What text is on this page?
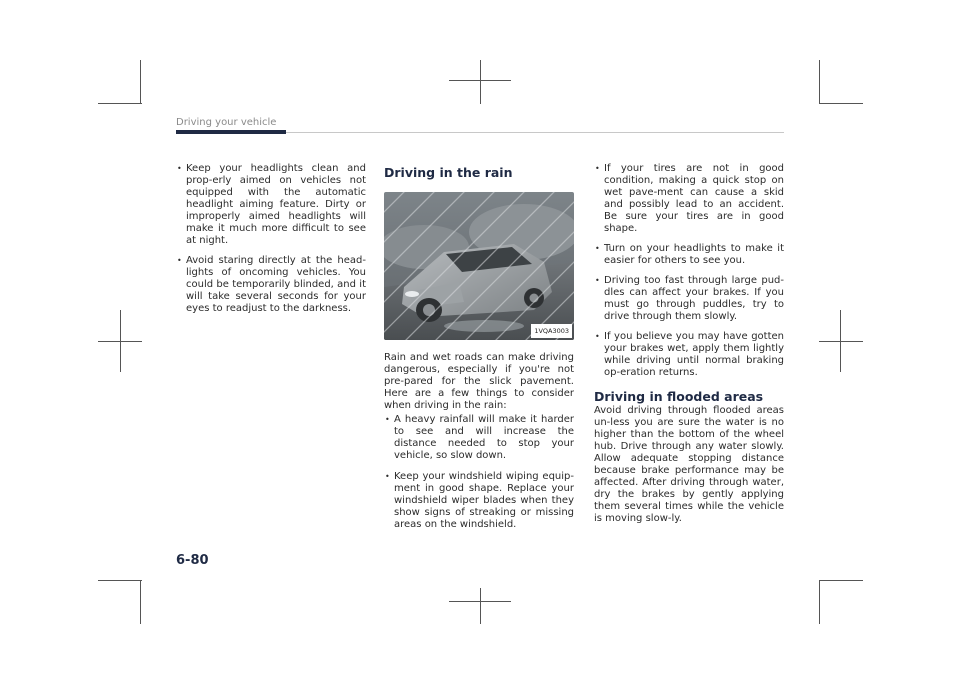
Driving your vehicle
• Keep your headlights clean and prop-erly aimed on vehicles not equipped with the automatic headlight aiming feature. Dirty or improperly aimed headlights will make it much more difficult to see at night.
• Avoid staring directly at the head-lights of oncoming vehicles. You could be temporarily blinded, and it will take several seconds for your eyes to readjust to the darkness.
Driving in the rain
1VQA3003

Rain and wet roads can make driving dangerous, especially if you're not pre-pared for the slick pavement. Here are a few things to consider when driving in the rain:

• A heavy rainfall will make it harder to see and will increase the distance needed to stop your vehicle, so slow down.
• Keep your windshield wiping equip-ment in good shape. Replace your windshield wiper blades when they show signs of streaking or missing areas on the windshield.
• If your tires are not in good condition, making a quick stop on wet pave-ment can cause a skid and possibly lead to an accident. Be sure your tires are in good shape.
• Turn on your headlights to make it easier for others to see you.
• Driving too fast through large pud-dles can affect your brakes. If you must go through puddles, try to drive through them slowly.
• If you believe you may have gotten your brakes wet, apply them lightly while driving until normal braking op-eration returns.
Driving in flooded areas

Avoid driving through flooded areas un-less you are sure the water is no higher than the bottom of the wheel hub. Drive through any water slowly. Allow adequate stopping distance because brake performance may be affected. After driving through water, dry the brakes by gently applying them several times while the vehicle is moving slow-ly.

6-80
